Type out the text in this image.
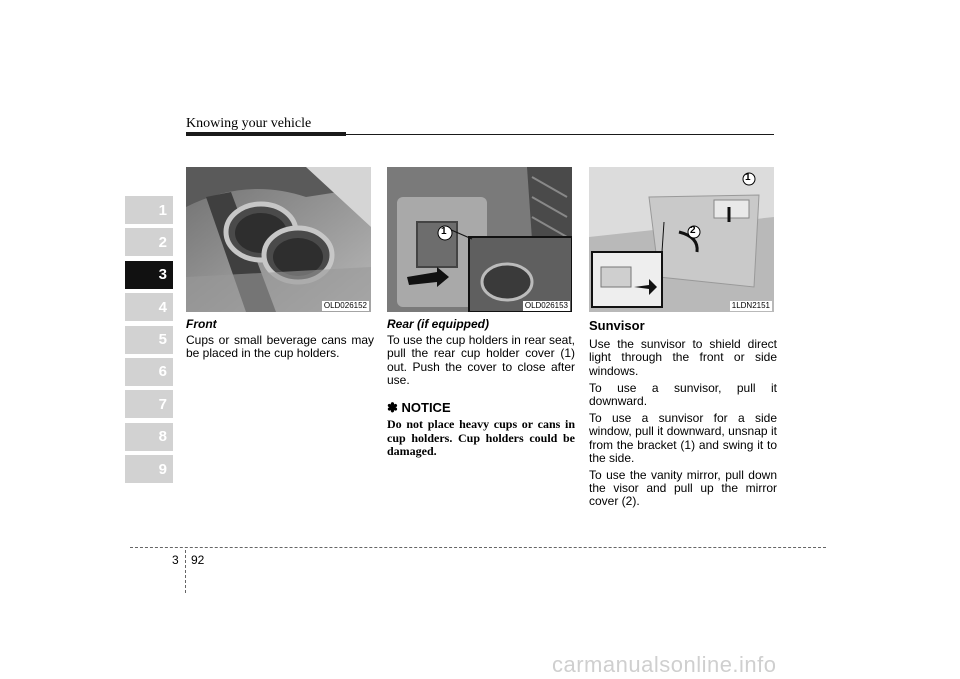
Knowing your vehicle
1
2
3
4
5
6
7
8
9
OLD026152
1
OLD026153
1
2
1LDN2151
Front

Cups or small beverage cans may be placed in the cup holders.

Rear (if equipped)

To use the cup holders in rear seat, pull the rear cup holder cover (1) out. Push the cover to close after use.

✽ NOTICE
Do not place heavy cups or cans in cup holders. Cup holders could be damaged.
Sunvisor

Use the sunvisor to shield direct light through the front or side windows.

To use a sunvisor, pull it downward.

To use a sunvisor for a side window, pull it downward, unsnap it from the bracket (1) and swing it to the side.

To use the vanity mirror, pull down the visor and pull up the mirror cover (2).

3 92
carmanualsonline.info
